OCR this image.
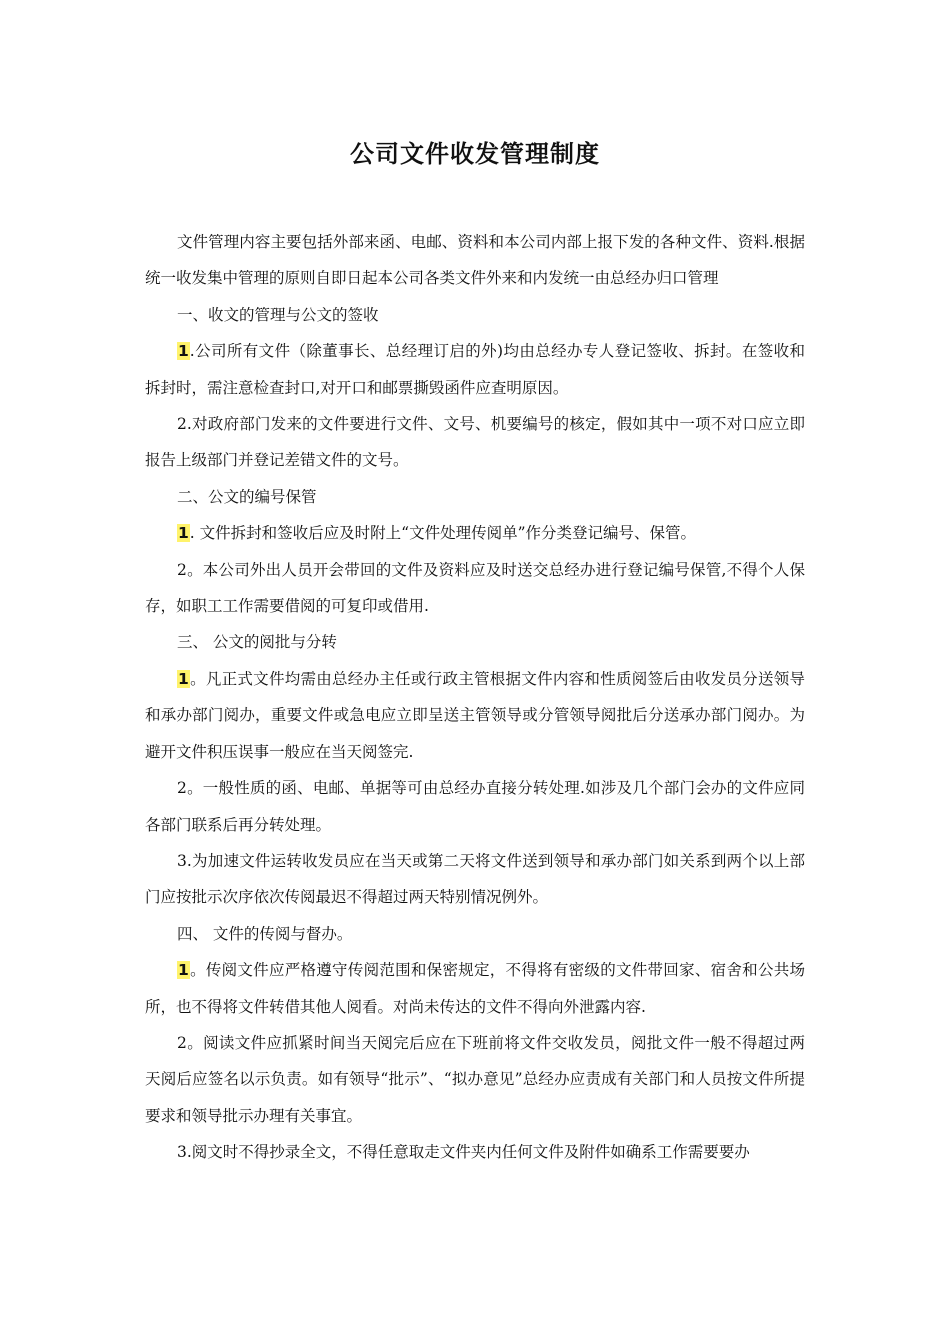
公司文件收发管理制度

文件管理内容主要包括外部来函、电邮、资料和本公司内部上报下发的各种文件、资料.根据统一收发集中管理的原则自即日起本公司各类文件外来和内发统一由总经办归口管理

一、收文的管理与公文的签收

1.公司所有文件（除董事长、总经理订启的外)均由总经办专人登记签收、拆封。在签收和拆封时，需注意检查封口,对开口和邮票撕毁函件应查明原因。

2.对政府部门发来的文件要进行文件、文号、机要编号的核定，假如其中一项不对口应立即报告上级部门并登记差错文件的文号。

二、公文的编号保管

1. 文件拆封和签收后应及时附上“文件处理传阅单”作分类登记编号、保管。

2。本公司外出人员开会带回的文件及资料应及时送交总经办进行登记编号保管,不得个人保存，如职工工作需要借阅的可复印或借用.

三、 公文的阅批与分转

1。凡正式文件均需由总经办主任或行政主管根据文件内容和性质阅签后由收发员分送领导和承办部门阅办，重要文件或急电应立即呈送主管领导或分管领导阅批后分送承办部门阅办。为避开文件积压误事一般应在当天阅签完.

2。一般性质的函、电邮、单据等可由总经办直接分转处理.如涉及几个部门会办的文件应同各部门联系后再分转处理。

3.为加速文件运转收发员应在当天或第二天将文件送到领导和承办部门如关系到两个以上部门应按批示次序依次传阅最迟不得超过两天特别情况例外。

四、 文件的传阅与督办。

1。传阅文件应严格遵守传阅范围和保密规定，不得将有密级的文件带回家、宿舍和公共场所，也不得将文件转借其他人阅看。对尚未传达的文件不得向外泄露内容.

2。阅读文件应抓紧时间当天阅完后应在下班前将文件交收发员，阅批文件一般不得超过两天阅后应签名以示负责。如有领导“批示”、“拟办意见”总经办应责成有关部门和人员按文件所提要求和领导批示办理有关事宜。

3.阅文时不得抄录全文，不得任意取走文件夹内任何文件及附件如确系工作需要要办
